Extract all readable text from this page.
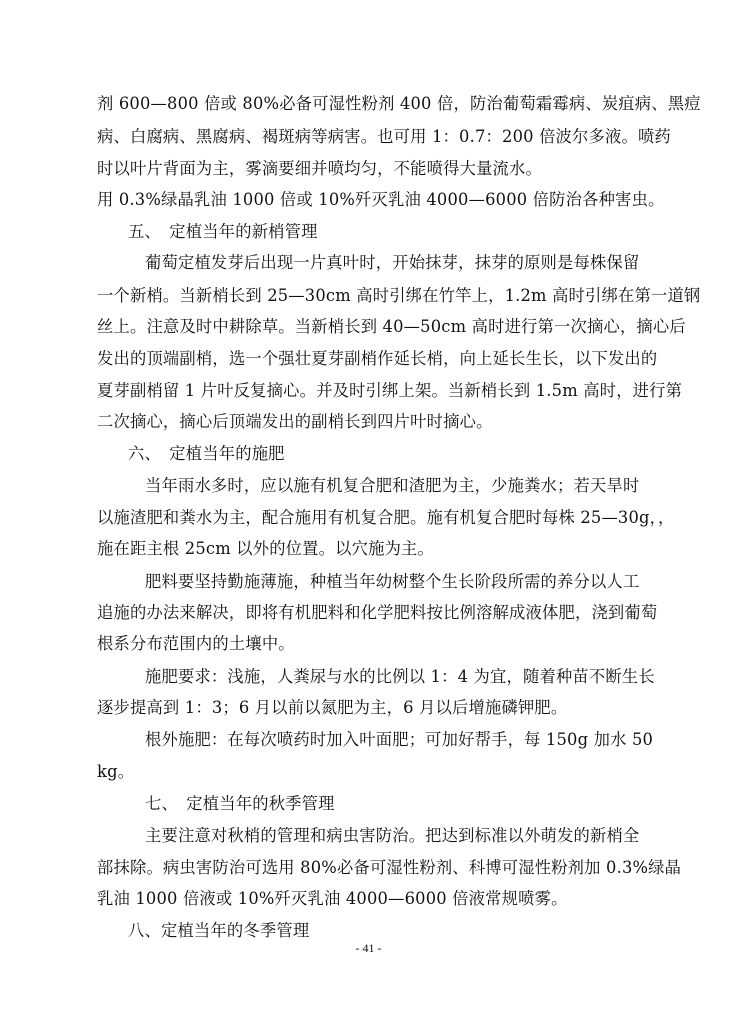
剂 600—800 倍或 80%必备可湿性粉剂 400 倍，防治葡萄霜霉病、炭疽病、黑痘
病、白腐病、黑腐病、褐斑病等病害。也可用 1：0.7：200 倍波尔多液。喷药
时以叶片背面为主，雾滴要细并喷均匀，不能喷得大量流水。
用 0.3%绿晶乳油 1000 倍或 10%歼灭乳油 4000—6000 倍防治各种害虫。
五、　定植当年的新梢管理
葡萄定植发芽后出现一片真叶时，开始抹芽，抹芽的原则是每株保留
一个新梢。当新梢长到 25—30cm 高时引绑在竹竿上，1.2m 高时引绑在第一道钢
丝上。注意及时中耕除草。当新梢长到 40—50cm 高时进行第一次摘心，摘心后
发出的顶端副梢，选一个强壮夏芽副梢作延长梢，向上延长生长，以下发出的
夏芽副梢留 1 片叶反复摘心。并及时引绑上架。当新梢长到 1.5m 高时，进行第
二次摘心，摘心后顶端发出的副梢长到四片叶时摘心。
六、　定植当年的施肥
当年雨水多时，应以施有机复合肥和渣肥为主，少施粪水；若天旱时
以施渣肥和粪水为主，配合施用有机复合肥。施有机复合肥时每株 25—30g，，
施在距主根 25cm 以外的位置。以穴施为主。
肥料要坚持勤施薄施，种植当年幼树整个生长阶段所需的养分以人工
追施的办法来解决，即将有机肥料和化学肥料按比例溶解成液体肥，浇到葡萄
根系分布范围内的土壤中。
施肥要求：浅施，人粪尿与水的比例以 1：4 为宜，随着种苗不断生长
逐步提高到 1：3；6 月以前以氮肥为主，6 月以后增施磷钾肥。
根外施肥：在每次喷药时加入叶面肥；可加好帮手，每 150g 加水 50
kg。
七、　定植当年的秋季管理
主要注意对秋梢的管理和病虫害防治。把达到标准以外萌发的新梢全
部抹除。病虫害防治可选用 80%必备可湿性粉剂、科博可湿性粉剂加 0.3%绿晶
乳油 1000 倍液或 10%歼灭乳油 4000—6000 倍液常规喷雾。
八、定植当年的冬季管理
- 41 -
